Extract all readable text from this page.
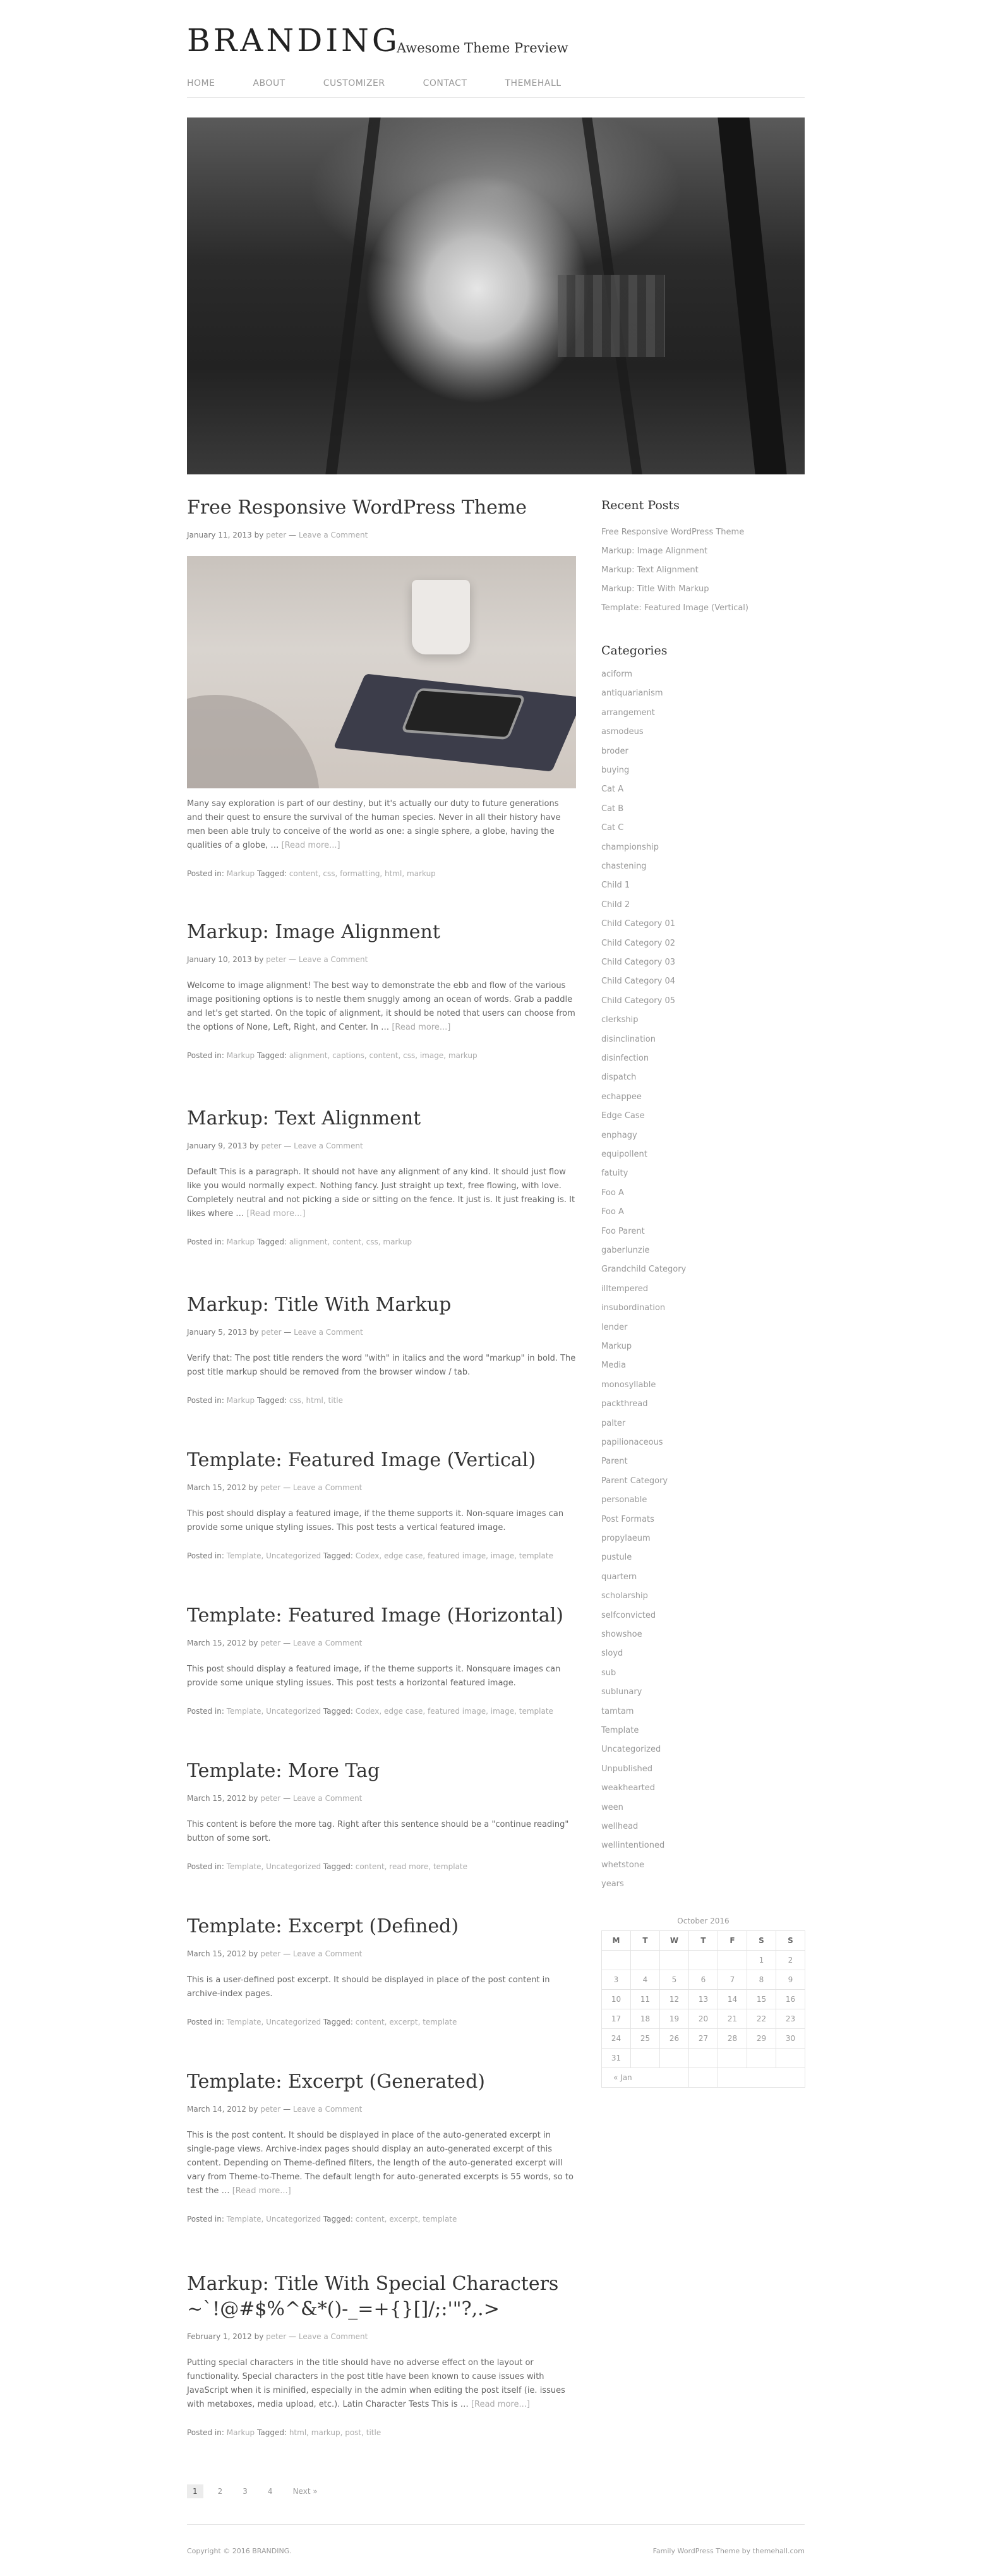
BRANDING
Awesome Theme Preview
HOME	ABOUT	CUSTOMIZER	CONTACT	THEMEHALL
Free Responsive WordPress Theme
January 11, 2013 by peter — Leave a Comment
Many say exploration is part of our destiny, but it's actually our duty to future generations and their quest to ensure the survival of the human species. Never in all their history have men been able truly to conceive of the world as one: a single sphere, a globe, having the qualities of a globe, … [Read more...]
Posted in: Markup Tagged: content, css, formatting, html, markup
Markup: Image Alignment
January 10, 2013 by peter — Leave a Comment
Welcome to image alignment! The best way to demonstrate the ebb and flow of the various image positioning options is to nestle them snuggly among an ocean of words. Grab a paddle and let's get started. On the topic of alignment, it should be noted that users can choose from the options of None, Left, Right, and Center. In … [Read more...]
Posted in: Markup Tagged: alignment, captions, content, css, image, markup
Markup: Text Alignment
January 9, 2013 by peter — Leave a Comment
Default This is a paragraph. It should not have any alignment of any kind. It should just flow like you would normally expect. Nothing fancy. Just straight up text, free flowing, with love. Completely neutral and not picking a side or sitting on the fence. It just is. It just freaking is. It likes where … [Read more...]
Posted in: Markup Tagged: alignment, content, css, markup
Markup: Title With Markup
January 5, 2013 by peter — Leave a Comment
Verify that: The post title renders the word "with" in italics and the word "markup" in bold. The post title markup should be removed from the browser window / tab.
Posted in: Markup Tagged: css, html, title
Template: Featured Image (Vertical)
March 15, 2012 by peter — Leave a Comment
This post should display a featured image, if the theme supports it. Non-square images can provide some unique styling issues. This post tests a vertical featured image.
Posted in: Template, Uncategorized Tagged: Codex, edge case, featured image, image, template
Template: Featured Image (Horizontal)
March 15, 2012 by peter — Leave a Comment
This post should display a featured image, if the theme supports it. Nonsquare images can provide some unique styling issues. This post tests a horizontal featured image.
Posted in: Template, Uncategorized Tagged: Codex, edge case, featured image, image, template
Template: More Tag
March 15, 2012 by peter — Leave a Comment
This content is before the more tag. Right after this sentence should be a "continue reading" button of some sort.
Posted in: Template, Uncategorized Tagged: content, read more, template
Template: Excerpt (Defined)
March 15, 2012 by peter — Leave a Comment
This is a user-defined post excerpt. It should be displayed in place of the post content in archive-index pages.
Posted in: Template, Uncategorized Tagged: content, excerpt, template
Template: Excerpt (Generated)
March 14, 2012 by peter — Leave a Comment
This is the post content. It should be displayed in place of the auto-generated excerpt in single-page views. Archive-index pages should display an auto-generated excerpt of this content. Depending on Theme-defined filters, the length of the auto-generated excerpt will vary from Theme-to-Theme. The default length for auto-generated excerpts is 55 words, so to test the … [Read more...]
Posted in: Template, Uncategorized Tagged: content, excerpt, template
Markup: Title With Special Characters ~`!@#$%^&*()-_=+{}[]/;:'"?,.>
February 1, 2012 by peter — Leave a Comment
Putting special characters in the title should have no adverse effect on the layout or functionality. Special characters in the post title have been known to cause issues with JavaScript when it is minified, especially in the admin when editing the post itself (ie. issues with metaboxes, media upload, etc.). Latin Character Tests This is … [Read more...]
Posted in: Markup Tagged: html, markup, post, title
Recent Posts
Categories
October 2016
M	T	W	T	F	S	S
					1	2
3	4	5	6	7	8	9
10	11	12	13	14	15	16
17	18	19	20	21	22	23
24	25	26	27	28	29	30
31						
« Jan						
1	2	3	4	Next »
Copyright © 2016 BRANDING.	Family WordPress Theme by themehall.com
Free Responsive WordPress Theme
Markup: Image Alignment
Markup: Text Alignment
Markup: Title With Markup
Template: Featured Image (Vertical)
aciform
antiquarianism
arrangement
asmodeus
broder
buying
Cat A
Cat B
Cat C
championship
chastening
Child 1
Child 2
Child Category 01
Child Category 02
Child Category 03
Child Category 04
Child Category 05
clerkship
disinclination
disinfection
dispatch
echappee
Edge Case
enphagy
equipollent
fatuity
Foo A
Foo A
Foo Parent
gaberlunzie
Grandchild Category
illtempered
insubordination
lender
Markup
Media
monosyllable
packthread
palter
papilionaceous
Parent
Parent Category
personable
Post Formats
propylaeum
pustule
quartern
scholarship
selfconvicted
showshoe
sloyd
sub
sublunary
tamtam
Template
Uncategorized
Unpublished
weakhearted
ween
wellhead
wellintentioned
whetstone
years
